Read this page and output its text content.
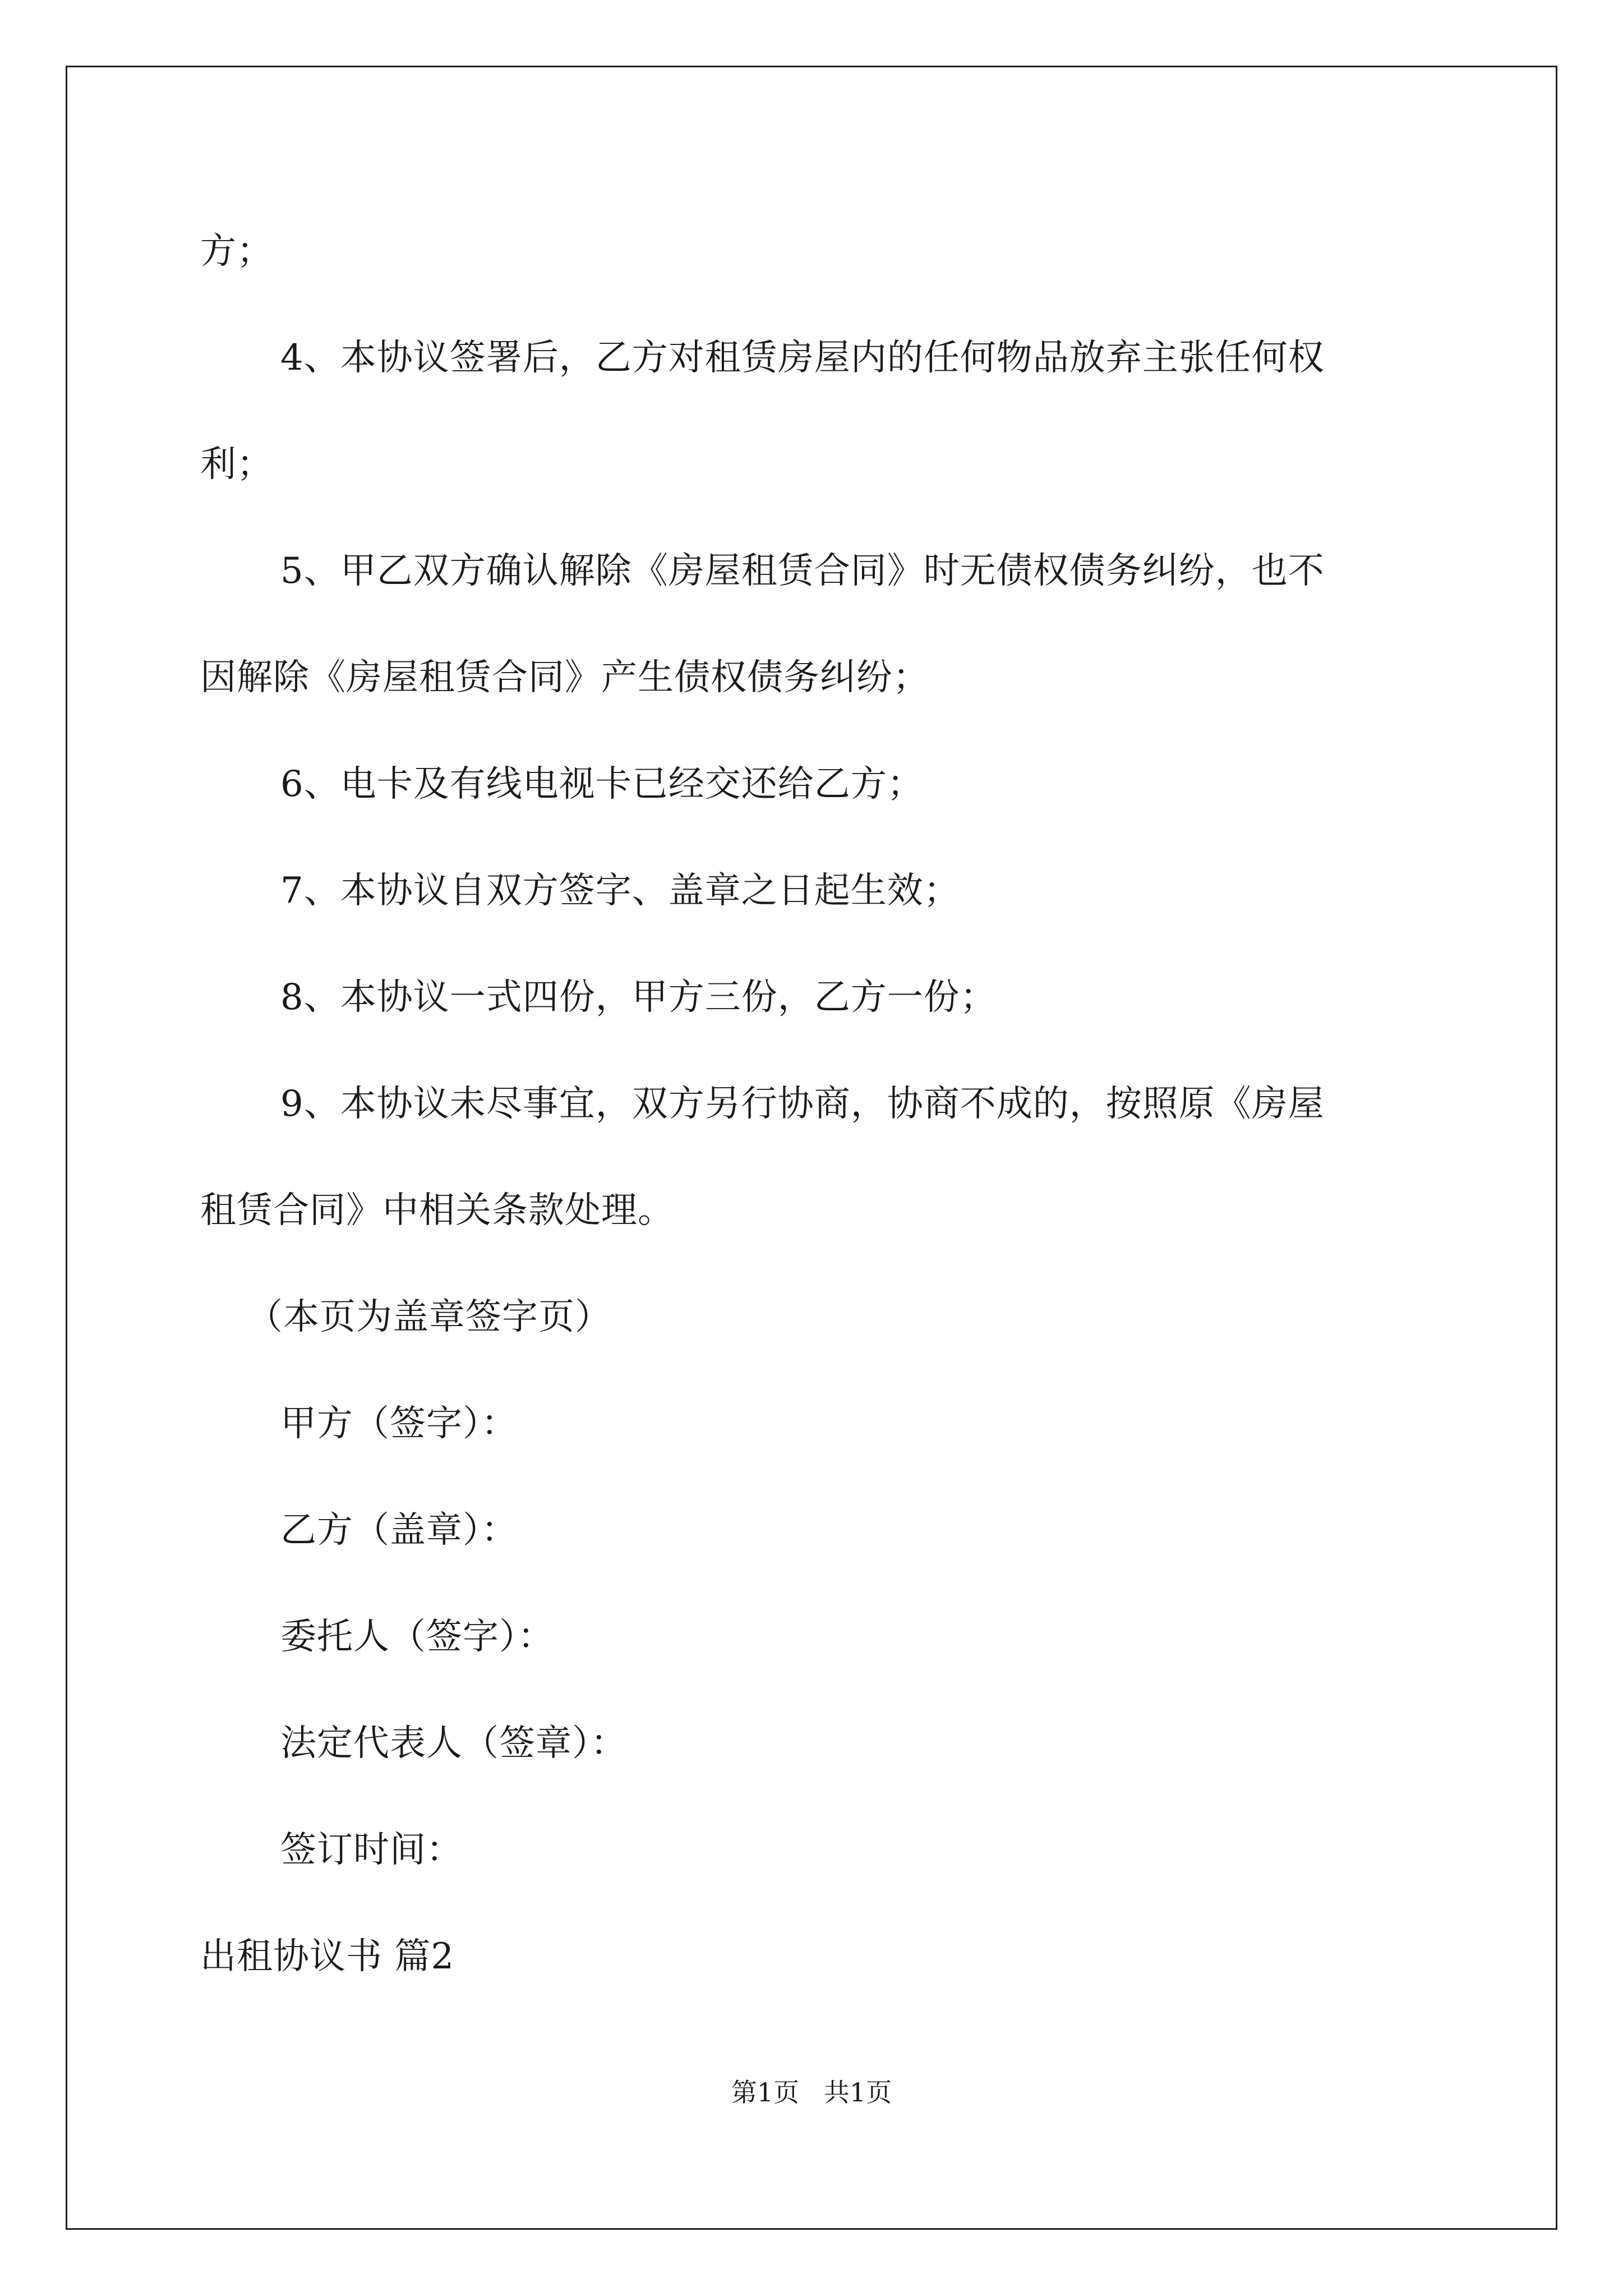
方；
4、本协议签署后，乙方对租赁房屋内的任何物品放弃主张任何权
利；
5、甲乙双方确认解除《房屋租赁合同》时无债权债务纠纷，也不
因解除《房屋租赁合同》产生债权债务纠纷；
6、电卡及有线电视卡已经交还给乙方；
7、本协议自双方签字、盖章之日起生效；
8、本协议一式四份，甲方三份，乙方一份；
9、本协议未尽事宜，双方另行协商，协商不成的，按照原《房屋
租赁合同》中相关条款处理。
（本页为盖章签字页）
甲方（签字）：
乙方（盖章）：
委托人（签字）：
法定代表人（签章）：
签订时间：
出租协议书 篇2
第1页   共1页
